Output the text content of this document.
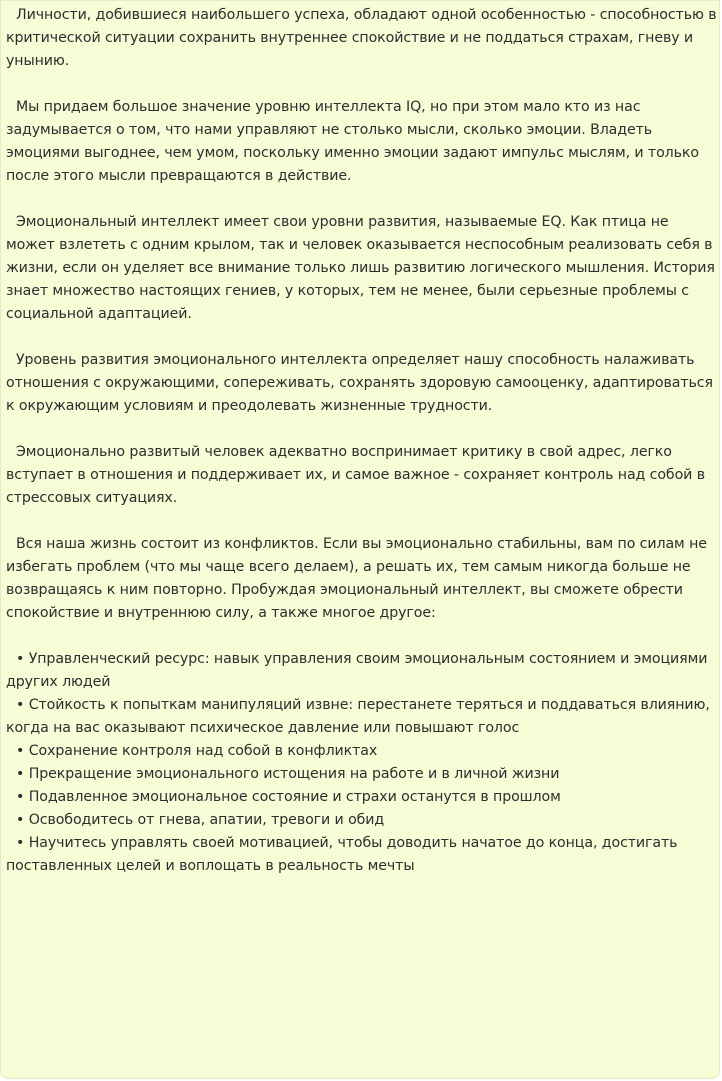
Личности, добившиеся наибольшего успеха, обладают одной особенностью - способностью в критической ситуации сохранить внутреннее спокойствие и не поддаться страхам, гневу и унынию.

Мы придаем большое значение уровню интеллекта IQ, но при этом мало кто из нас задумывается о том, что нами управляют не столько мысли, сколько эмоции. Владеть эмоциями выгоднее, чем умом, поскольку именно эмоции задают импульс мыслям, и только после этого мысли превращаются в действие.

Эмоциональный интеллект имеет свои уровни развития, называемые EQ. Как птица не может взлететь с одним крылом, так и человек оказывается неспособным реализовать себя в жизни, если он уделяет все внимание только лишь развитию логического мышления. История знает множество настоящих гениев, у которых, тем не менее, были серьезные проблемы с социальной адаптацией.

Уровень развития эмоционального интеллекта определяет нашу способность налаживать отношения с окружающими, сопереживать, сохранять здоровую самооценку, адаптироваться к окружающим условиям и преодолевать жизненные трудности.

Эмоционально развитый человек адекватно воспринимает критику в свой адрес, легко вступает в отношения и поддерживает их, и самое важное - сохраняет контроль над собой в стрессовых ситуациях.

Вся наша жизнь состоит из конфликтов. Если вы эмоционально стабильны, вам по силам не избегать проблем (что мы чаще всего делаем), а решать их, тем самым никогда больше не возвращаясь к ним повторно. Пробуждая эмоциональный интеллект, вы сможете обрести спокойствие и внутреннюю силу, а также многое другое:

• Управленческий ресурс: навык управления своим эмоциональным состоянием и эмоциями других людей
• Стойкость к попыткам манипуляций извне: перестанете теряться и поддаваться влиянию, когда на вас оказывают психическое давление или повышают голос
• Сохранение контроля над собой в конфликтах
• Прекращение эмоционального истощения на работе и в личной жизни
• Подавленное эмоциональное состояние и страхи останутся в прошлом
• Освободитесь от гнева, апатии, тревоги и обид
• Научитесь управлять своей мотивацией, чтобы доводить начатое до конца, достигать поставленных целей и воплощать в реальность мечты
